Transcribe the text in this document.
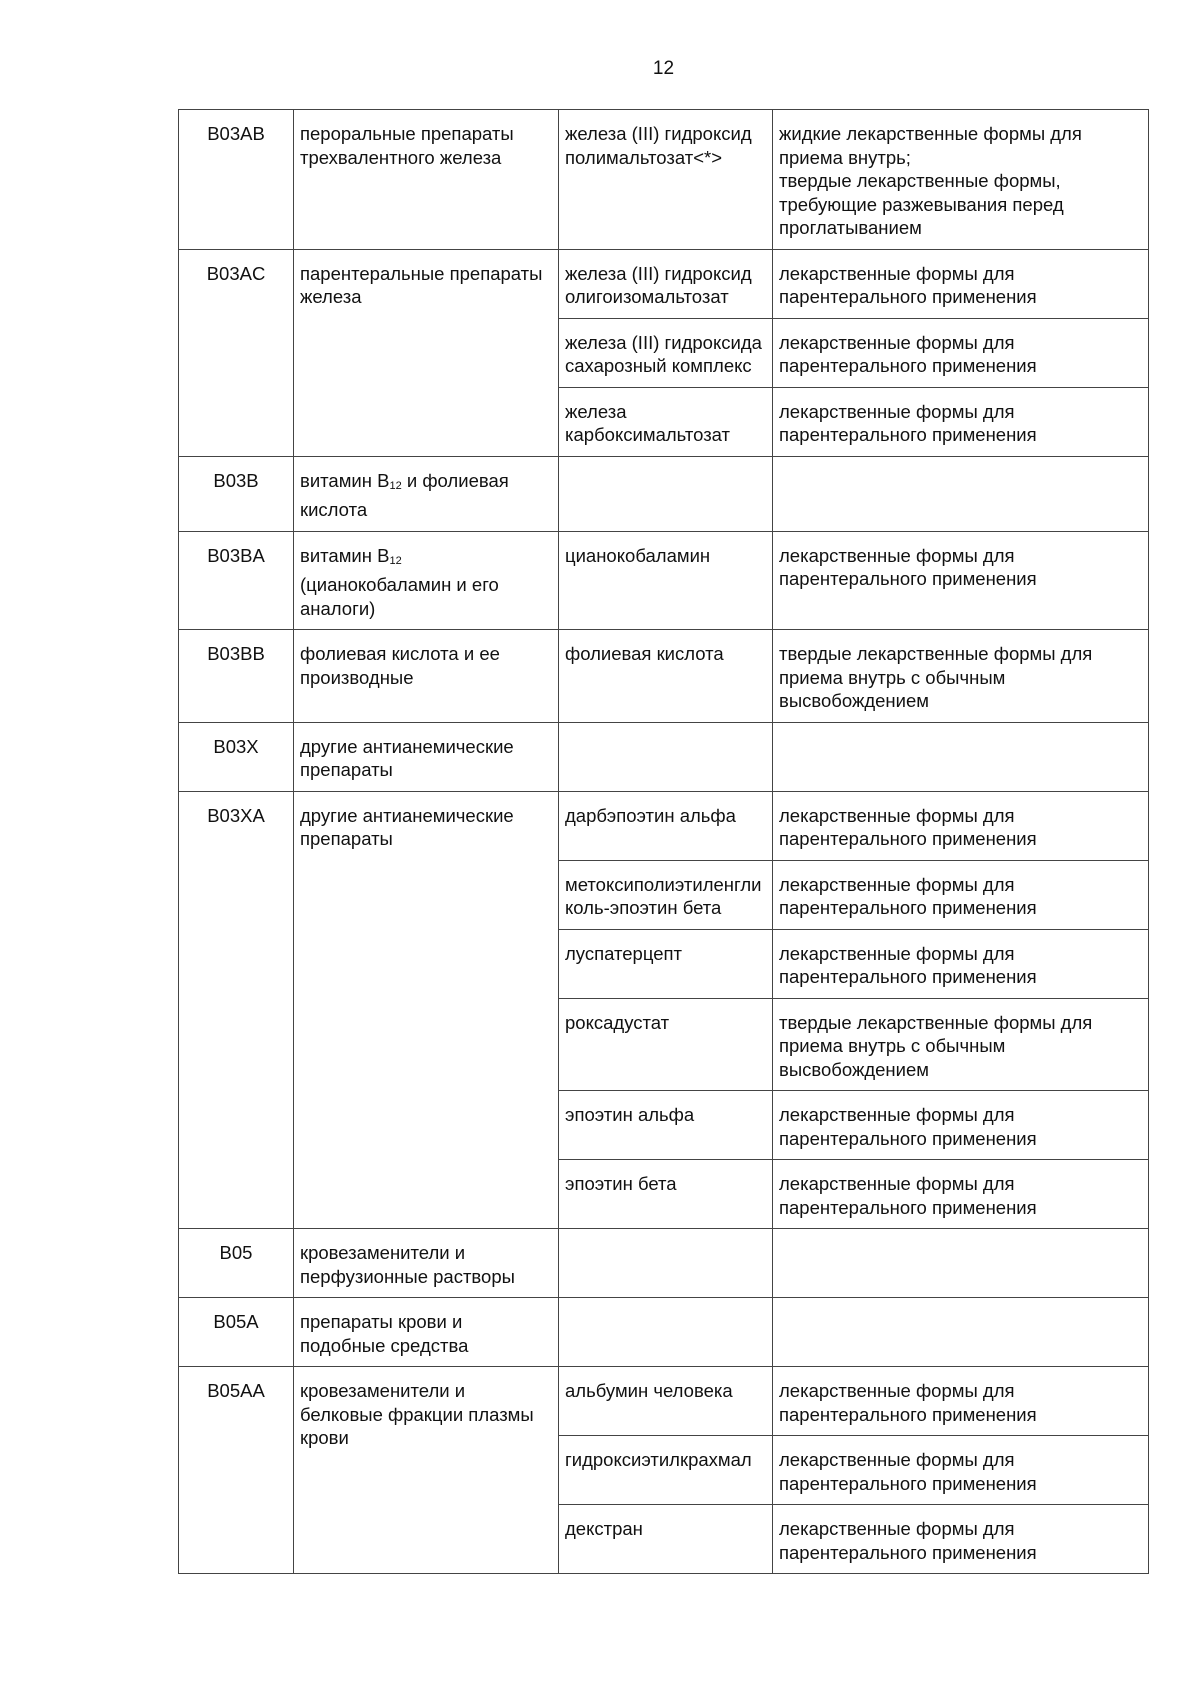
12
B03AB	пероральные препараты трехвалентного железа	железа (III) гидроксид полимальтозат<*>	жидкие лекарственные формы для приема внутрь;
твердые лекарственные формы, требующие разжевывания перед проглатыванием

B03AC	парентеральные препараты железа	железа (III) гидроксид олигоизомальтозат	лекарственные формы для парентерального применения
		железа (III) гидроксида сахарозный комплекс	лекарственные формы для парентерального применения
		железа карбоксимальтозат	лекарственные формы для парентерального применения
B03B	витамин B12 и фолиевая кислота		
B03BA	витамин B12 (цианокобаламин и его аналоги)	цианокобаламин	лекарственные формы для парентерального применения
B03BB	фолиевая кислота и ее производные	фолиевая кислота	твердые лекарственные формы для приема внутрь с обычным высвобождением
B03X	другие антианемические препараты		
B03XA	другие антианемические препараты	дарбэпоэтин альфа	лекарственные формы для парентерального применения
		метоксиполиэтиленгликоль-эпоэтин бета	лекарственные формы для парентерального применения
		луспатерцепт	лекарственные формы для парентерального применения
		роксадустат	твердые лекарственные формы для приема внутрь с обычным высвобождением
		эпоэтин альфа	лекарственные формы для парентерального применения
		эпоэтин бета	лекарственные формы для парентерального применения
B05	кровезаменители и перфузионные растворы		
B05A	препараты крови и подобные средства		
B05AA	кровезаменители и белковые фракции плазмы крови	альбумин человека	лекарственные формы для парентерального применения
		гидроксиэтилкрахмал	лекарственные формы для парентерального применения
		декстран	лекарственные формы для парентерального применения
